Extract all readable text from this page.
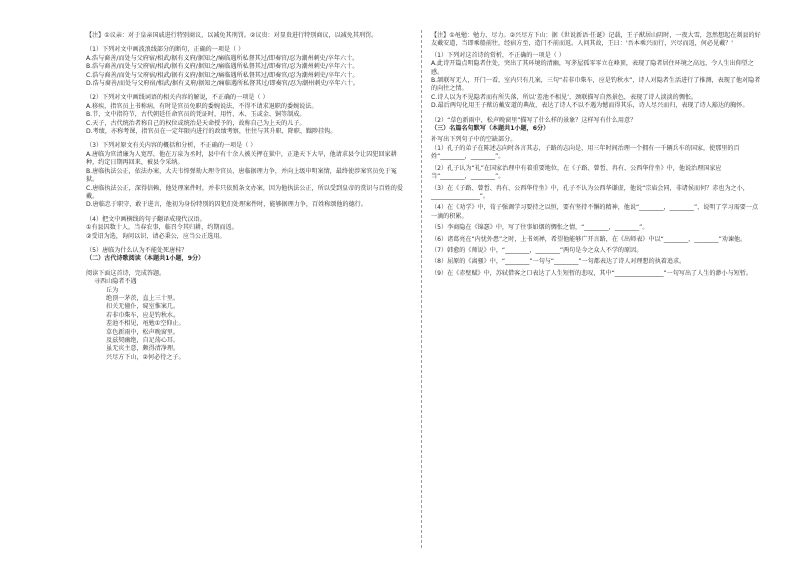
【注】①议亲：对于皇亲国戚进行特别商议，以减免其刑罚。②议贵：对显贵进行特别商议，以减免其刑罚。

（1）下列对文中画波浪线部分的断句，正确的一项是（ ）

A.浩与裔善/而处与父府宿/相武/据有义府/据知之/痛临遇所私督其过/即奏官/忍为潮州刺史/卒年六十。

B.浩与裔善/而处与父府宿/相武/据有义府/据知之/痛临遇所私督其过/即奏官/忍为潮州刺史/卒年六十。

C.浩与裔善/而处与父府宿/相武/据有义府/据知之/痛临遇所私督其过/即奏官/忍为潮州刺史/卒年六十。

D.浩与裔善/而处与父府宿/相武/据有义府/据知之/痛临遇所私督其过/即奏官/忍为潮州刺史/卒年六十。

（2）下列对文中画线词语的相关内容的解说，不正确的一项是（ ）

A.移疾，指官员上书称病，有时是官员免职的委婉说法，不得不请求退职的委婉说法。

B.节，文中指符节，古代朝廷任命官员的凭证时，用竹、木、玉或金、铜等制成。

C.天子，古代统治者称自己的权位或统治是天命授予的，故称自己为上天的儿子。

D.考绩，亦称考课，指官员在一定年限内进行的政绩考察，往往与其升职、降职、黜陟挂钩。

（3）下列对原文有关内容的概括和分析，不正确的一项是（ ）

A.唐临为官清廉为人宽厚，他在万泉为丞时，县中有十余人被关押在狱中，正逢天下大旱，他请求县令让囚犯回家耕种，约定日期再回来，被县令采纳。

B.唐临执法公正，依法办案，大夫韦悰弹劾大理寺官员，唐临据理力争，并向上级申明案情，最终使涉案官员免于冤狱。

C.唐临执法公正，深得信赖，他处理案件时，并非只依照条文办案，因为他执法公正，所以受到皇帝的赏识与百姓的爱戴。

D.唐临忠于职守，敢于进言，他初为身份特别的囚犯们处理案件时，能够据理力争，百姓称颂他的德行。

（4）把文中画横线的句子翻译成现代汉语。

①有县囚数十人，当春农事，临召令其归耕，约期而返。

②受诏为选，询问以识，请必秉公，应当公正选用。

（5）唐临为什么认为不能处死唐桂？

（二）古代诗歌阅读（本题共1小题，9分）

阅读下面这首诗，完成答题。

寻西山隐者不遇

丘为

绝顶一茅茨，直上三十里。

扣关无僮仆，窥室惟案几。

若非巾柴车，应是钓秋水。

差池不相见，黾勉①空仰止。

草色新雨中，松声晚窗里。

及兹契幽绝，自足荡心耳。

虽无宾主意，颇得清净理。

兴尽方下山，②何必待之子。

【注】①黾勉：勉力、尽力。②兴尽方下山：据《世说新语·任诞》记载，王子猷居山阴时，一夜大雪，忽然想起在剡县的好友戴安道，当即乘船前往，经宿方至，造门不前而返。人问其故，王曰：'吾本乘兴而行，兴尽而返，何必见戴？'

（1）下列对这首诗的赏析，不正确的一项是（ ）

A.此诗开篇点明隐者住处，突出了其环境的清幽，写茅屋孤零零立在峰顶，表现了隐者居住环境之高远，令人生出仰望之感。

B.颔联写无人，开门一看，室内只有几案，三句“若非巾柴车，应是钓秋水”，诗人对隐者生活进行了推测，表现了他对隐者的向往之情。

C.诗人以为不见隐者而有所失落，所以‘差池不相见’，颈联描写自然景色，表现了诗人淡淡的惆怅。

D.最后两句化用王子猷访戴安道的典故，表达了诗人不以不遇为憾而得其乐，诗人尽兴而归，表现了诗人豁达的胸怀。

（2）“草色新雨中，松声晚窗里”描写了什么样的景象？这样写有什么用意？

（三）名篇名句默写（本题共1小题，6分）

补写出下列句子中的空缺部分。

（1）孔子的弟子在陈述志向时各言其志，子路的志向是，用三年时间治理一个拥有一千辆兵车的国家，使那里的百姓“________，________”。

（2）孔子认为“礼”在国家治理中有着重要地位，在《子路、曾皙、冉有、公西华侍坐》中，他说治理国家应当“________，________”。

（3）在《子路、曾皙、冉有、公西华侍坐》中，孔子不认为公西华谦虚，他说“宗庙会同，非诸侯而何？赤也为之小，________________”。

（4）在《劝学》中，荀子强调学习要持之以恒，要有坚持不懈的精神，他说“________，________”，说明了学习需要一点一滴的积累。

（5）李商隐在《锦瑟》中，写了往事如烟的惆怅之情，“________，________”。

（6）诸葛亮在“内忧外患”之时，上书刘禅，希望他能够广开言路，在《出师表》中以“________，________”劝谏他。

（7）韩愈的《师说》中，“________，________”两句是今之众人不学的原因。

（8）屈原的《离骚》中，“________”一句与“________”一句都表达了诗人对理想的执着追求。

（9）在《赤壁赋》中，苏轼借客之口表达了人生短暂的悲叹，其中“________________”一句写出了人生的渺小与短暂。
